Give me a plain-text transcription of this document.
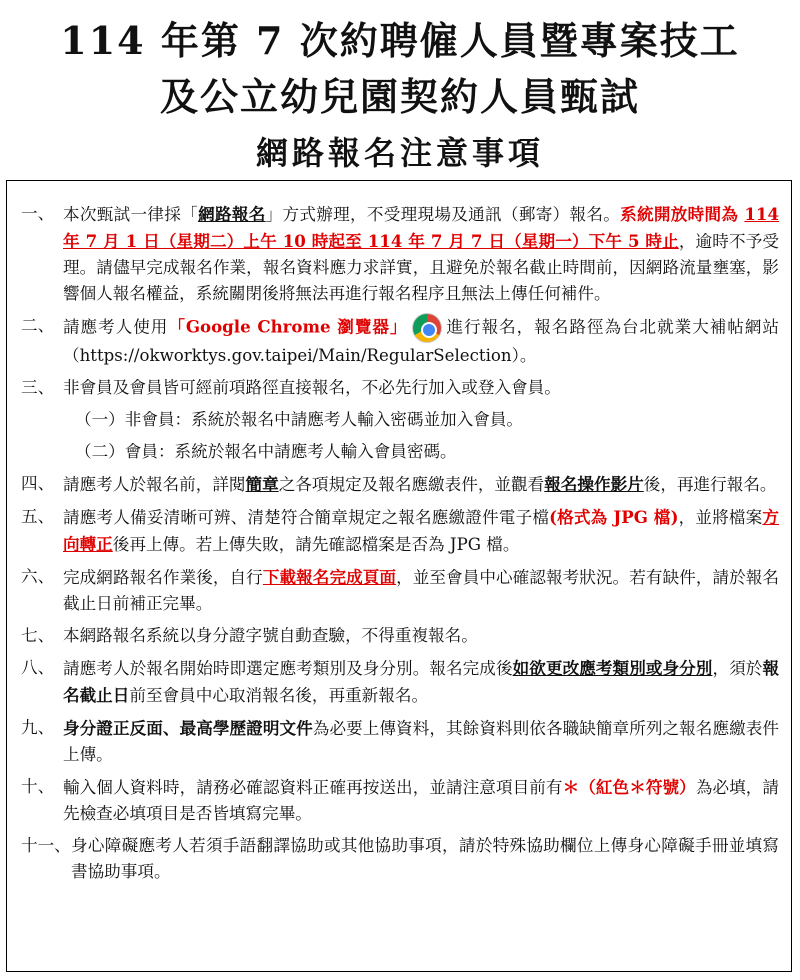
114 年第 7 次約聘僱人員暨專案技工
及公立幼兒園契約人員甄試
網路報名注意事項
一、 本次甄試一律採「網路報名」方式辦理，不受理現場及通訊（郵寄）報名。系統開放時間為 114 年 7 月 1 日（星期二）上午 10 時起至 114 年 7 月 7 日（星期一）下午 5 時止，逾時不予受理。請儘早完成報名作業，報名資料應力求詳實，且避免於報名截止時間前，因網路流量壅塞，影響個人報名權益，系統關閉後將無法再進行報名程序且無法上傳任何補件。
二、 請應考人使用「Google Chrome 瀏覽器」 進行報名，報名路徑為台北就業大補帖網站（https://okworktys.gov.taipei/Main/RegularSelection）。
三、 非會員及會員皆可經前項路徑直接報名，不必先行加入或登入會員。
（一）非會員：系統於報名中請應考人輸入密碼並加入會員。
（二）會員：系統於報名中請應考人輸入會員密碼。
四、 請應考人於報名前，詳閱簡章之各項規定及報名應繳表件，並觀看報名操作影片後，再進行報名。
五、 請應考人備妥清晰可辨、清楚符合簡章規定之報名應繳證件電子檔(格式為 JPG 檔)，並將檔案方向轉正後再上傳。若上傳失敗，請先確認檔案是否為 JPG 檔。
六、 完成網路報名作業後，自行下載報名完成頁面，並至會員中心確認報考狀況。若有缺件，請於報名截止日前補正完畢。
七、 本網路報名系統以身分證字號自動查驗，不得重複報名。
八、 請應考人於報名開始時即選定應考類別及身分別。報名完成後如欲更改應考類別或身分別，須於報名截止日前至會員中心取消報名後，再重新報名。
九、 身分證正反面、最高學歷證明文件為必要上傳資料，其餘資料則依各職缺簡章所列之報名應繳表件上傳。
十、 輸入個人資料時，請務必確認資料正確再按送出，並請注意項目前有＊（紅色＊符號）為必填，請先檢查必填項目是否皆填寫完畢。
十一、 身心障礙應考人若須手語翻譯協助或其他協助事項，請於特殊協助欄位上傳身心障礙手冊並填寫書協助事項。
